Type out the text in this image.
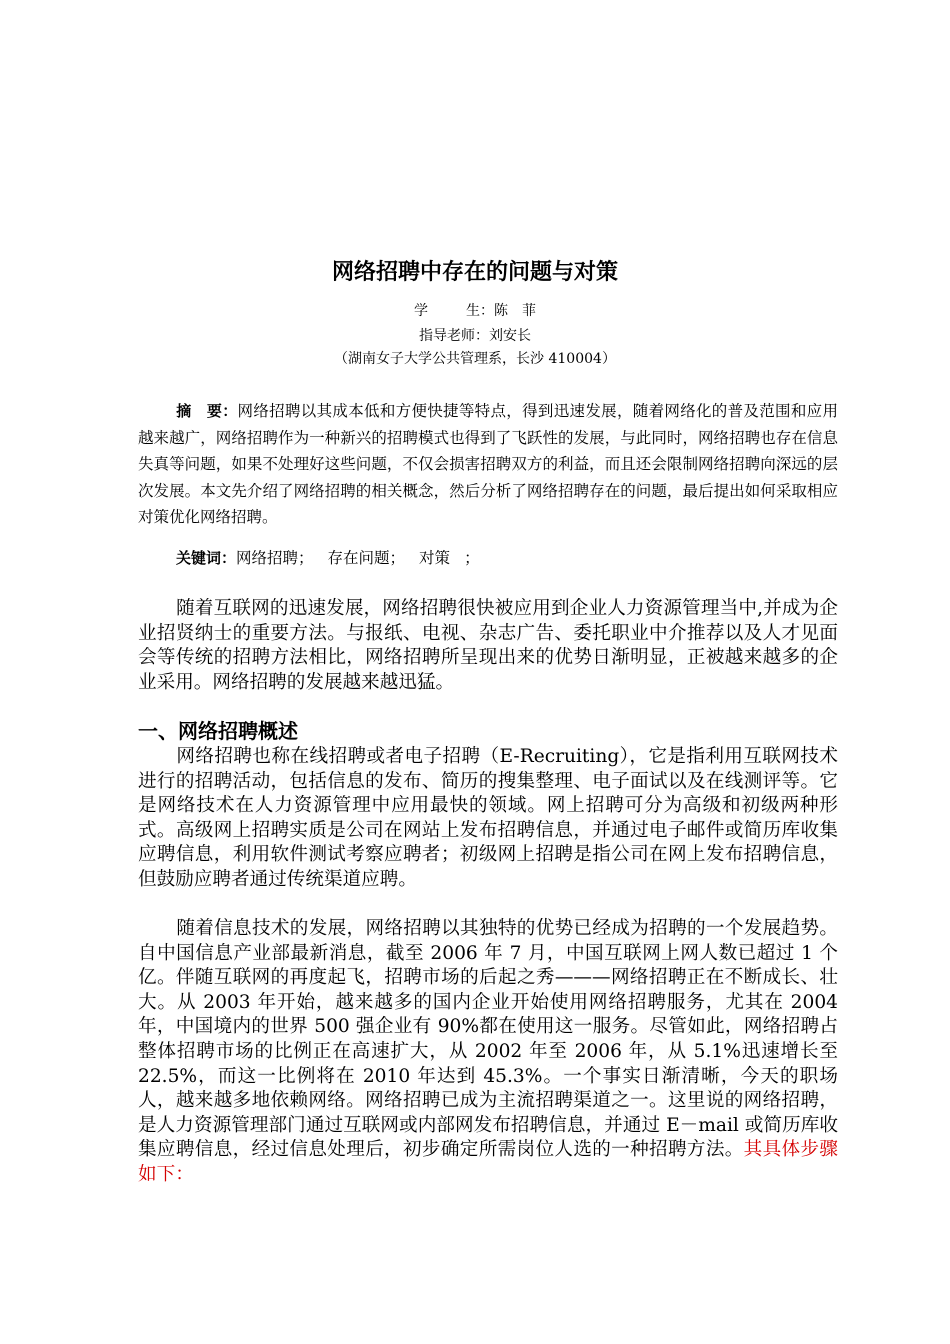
网络招聘中存在的问题与对策
学	生：陈　菲
指导老师：刘安长
（湖南女子大学公共管理系，长沙 410004）
摘　要：网络招聘以其成本低和方便快捷等特点，得到迅速发展，随着网络化的普及范围和应用越来越广，网络招聘作为一种新兴的招聘模式也得到了飞跃性的发展，与此同时，网络招聘也存在信息失真等问题，如果不处理好这些问题，不仅会损害招聘双方的利益，而且还会限制网络招聘向深远的层次发展。本文先介绍了网络招聘的相关概念，然后分析了网络招聘存在的问题，最后提出如何采取相应对策优化网络招聘。
关键词：网络招聘； 存在问题； 对策 ；
随着互联网的迅速发展，网络招聘很快被应用到企业人力资源管理当中,并成为企业招贤纳士的重要方法。与报纸、电视、杂志广告、委托职业中介推荐以及人才见面会等传统的招聘方法相比，网络招聘所呈现出来的优势日渐明显，正被越来越多的企业采用。网络招聘的发展越来越迅猛。
一、网络招聘概述
网络招聘也称在线招聘或者电子招聘（E-Recruiting），它是指利用互联网技术进行的招聘活动，包括信息的发布、简历的搜集整理、电子面试以及在线测评等。它是网络技术在人力资源管理中应用最快的领域。网上招聘可分为高级和初级两种形式。高级网上招聘实质是公司在网站上发布招聘信息，并通过电子邮件或简历库收集应聘信息，利用软件测试考察应聘者；初级网上招聘是指公司在网上发布招聘信息，但鼓励应聘者通过传统渠道应聘。
随着信息技术的发展，网络招聘以其独特的优势已经成为招聘的一个发展趋势。自中国信息产业部最新消息，截至 2006 年 7 月，中国互联网上网人数已超过 1 个亿。伴随互联网的再度起飞，招聘市场的后起之秀———网络招聘正在不断成长、壮大。从 2003 年开始，越来越多的国内企业开始使用网络招聘服务，尤其在 2004 年，中国境内的世界 500 强企业有 90%都在使用这一服务。尽管如此，网络招聘占整体招聘市场的比例正在高速扩大，从 2002 年至 2006 年，从 5.1%迅速增长至 22.5%，而这一比例将在 2010 年达到 45.3%。一个事实日渐清晰，今天的职场人，越来越多地依赖网络。网络招聘已成为主流招聘渠道之一。这里说的网络招聘，是人力资源管理部门通过互联网或内部网发布招聘信息，并通过 E－mail 或简历库收集应聘信息，经过信息处理后，初步确定所需岗位人选的一种招聘方法。其具体步骤如下：
